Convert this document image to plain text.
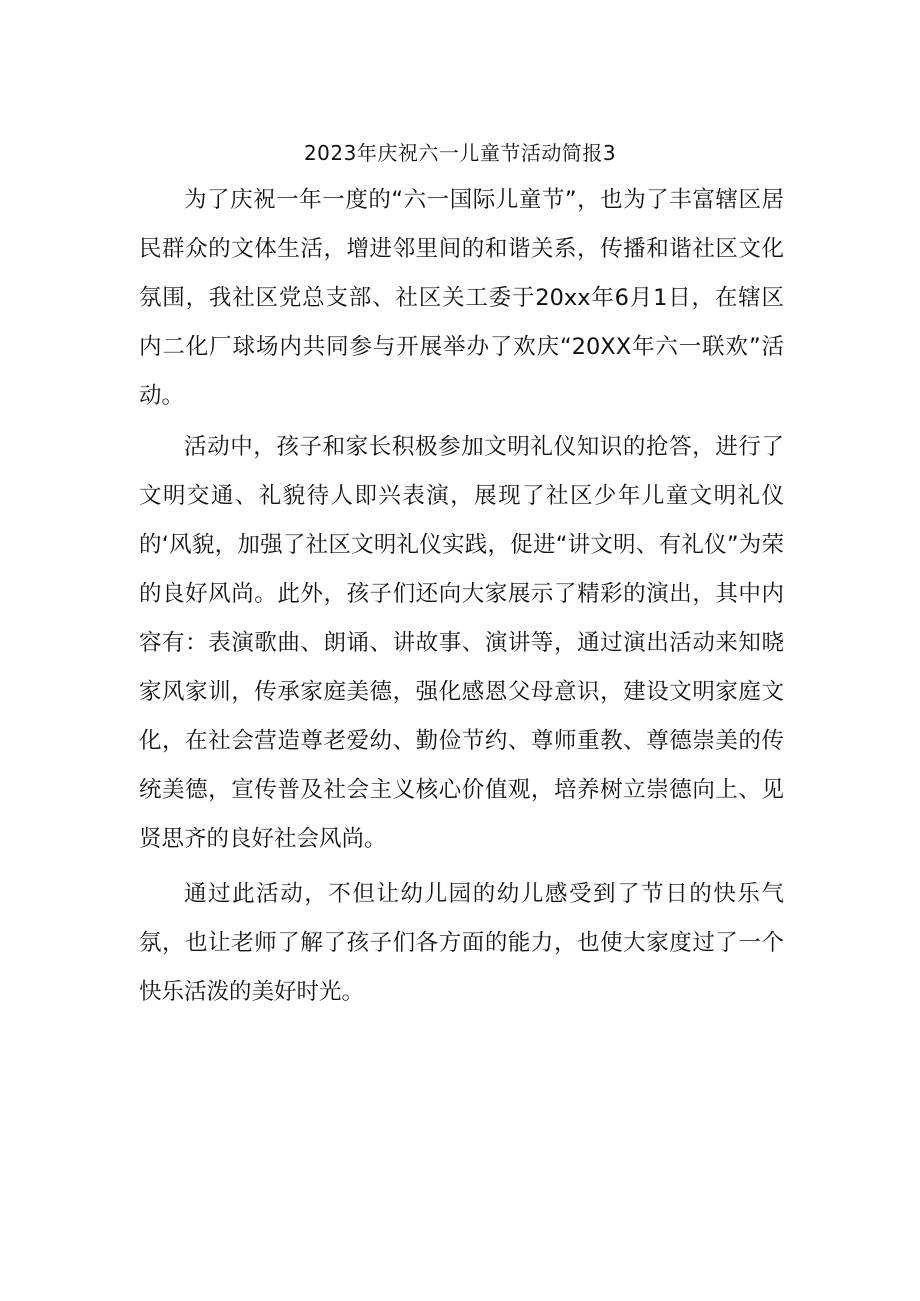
2023年庆祝六一儿童节活动简报3

为了庆祝一年一度的“六一国际儿童节”，也为了丰富辖区居民群众的文体生活，增进邻里间的和谐关系，传播和谐社区文化氛围，我社区党总支部、社区关工委于20xx年6月1日，在辖区内二化厂球场内共同参与开展举办了欢庆“20XX年六一联欢”活动。

活动中，孩子和家长积极参加文明礼仪知识的抢答，进行了文明交通、礼貌待人即兴表演，展现了社区少年儿童文明礼仪的‘风貌，加强了社区文明礼仪实践，促进“讲文明、有礼仪”为荣的良好风尚。此外，孩子们还向大家展示了精彩的演出，其中内容有：表演歌曲、朗诵、讲故事、演讲等，通过演出活动来知晓家风家训，传承家庭美德，强化感恩父母意识，建设文明家庭文化，在社会营造尊老爱幼、勤俭节约、尊师重教、尊德崇美的传统美德，宣传普及社会主义核心价值观，培养树立崇德向上、见贤思齐的良好社会风尚。

通过此活动，不但让幼儿园的幼儿感受到了节日的快乐气氛，也让老师了解了孩子们各方面的能力，也使大家度过了一个快乐活泼的美好时光。
